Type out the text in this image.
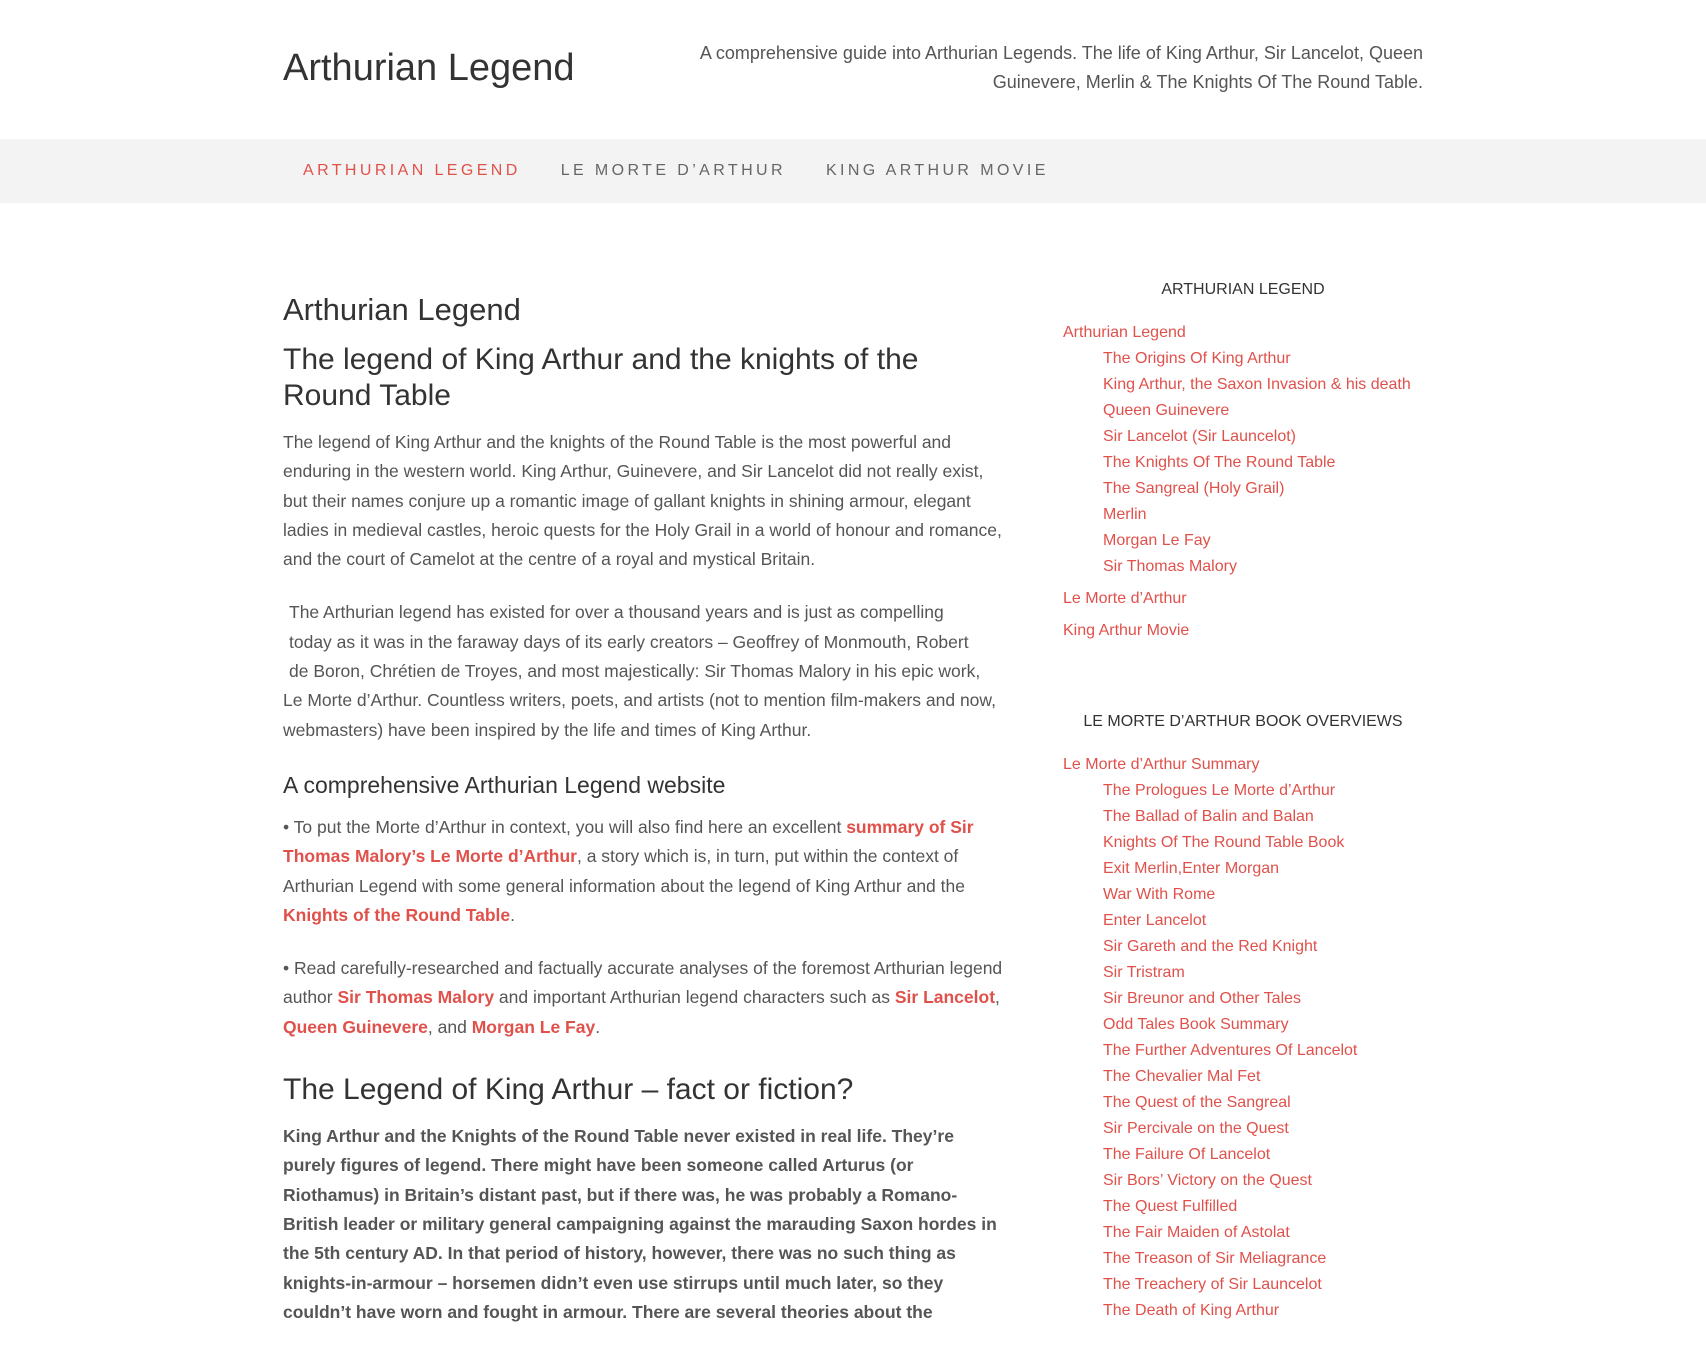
Arthurian Legend	A comprehensive guide into Arthurian Legends. The life of King Arthur, Sir Lancelot, Queen Guinevere, Merlin & The Knights Of The Round Table.

ARTHURIAN LEGEND	LE MORTE D’ARTHUR	KING ARTHUR MOVIE
Arthurian Legend
The legend of King Arthur and the knights of the Round Table

The legend of King Arthur and the knights of the Round Table is the most powerful and enduring in the western world. King Arthur, Guinevere, and Sir Lancelot did not really exist, but their names conjure up a romantic image of gallant knights in shining armour, elegant ladies in medieval castles, heroic quests for the Holy Grail in a world of honour and romance, and the court of Camelot at the centre of a royal and mystical Britain.

The Arthurian legend has existed for over a thousand years and is just as compelling
today as it was in the faraway days of its early creators – Geoffrey of Monmouth, Robert
de Boron, Chrétien de Troyes, and most majestically: Sir Thomas Malory in his epic work,
Le Morte d’Arthur. Countless writers, poets, and artists (not to mention film-makers and now, webmasters) have been inspired by the life and times of King Arthur.

A comprehensive Arthurian Legend website

• To put the Morte d’Arthur in context, you will also find here an excellent summary of Sir Thomas Malory’s Le Morte d’Arthur, a story which is, in turn, put within the context of Arthurian Legend with some general information about the legend of King Arthur and the Knights of the Round Table.

• Read carefully-researched and factually accurate analyses of the foremost Arthurian legend author Sir Thomas Malory and important Arthurian legend characters such as Sir Lancelot, Queen Guinevere, and Morgan Le Fay.

The Legend of King Arthur – fact or fiction?

King Arthur and the Knights of the Round Table never existed in real life. They’re purely figures of legend. There might have been someone called Arturus (or Riothamus) in Britain’s distant past, but if there was, he was probably a Romano-British leader or military general campaigning against the marauding Saxon hordes in the 5th century AD. In that period of history, however, there was no such thing as knights-in-armour – horsemen didn’t even use stirrups until much later, so they couldn’t have worn and fought in armour. There are several theories about the

ARTHURIAN LEGEND
Arthurian Legend
The Origins Of King Arthur
King Arthur, the Saxon Invasion & his death
Queen Guinevere
Sir Lancelot (Sir Launcelot)
The Knights Of The Round Table
The Sangreal (Holy Grail)
Merlin
Morgan Le Fay
Sir Thomas Malory
Le Morte d’Arthur
King Arthur Movie
LE MORTE D’ARTHUR BOOK OVERVIEWS
Le Morte d’Arthur Summary
The Prologues Le Morte d’Arthur
The Ballad of Balin and Balan
Knights Of The Round Table Book
Exit Merlin,Enter Morgan
War With Rome
Enter Lancelot
Sir Gareth and the Red Knight
Sir Tristram
Sir Breunor and Other Tales
Odd Tales Book Summary
The Further Adventures Of Lancelot
The Chevalier Mal Fet
The Quest of the Sangreal
Sir Percivale on the Quest
The Failure Of Lancelot
Sir Bors’ Victory on the Quest
The Quest Fulfilled
The Fair Maiden of Astolat
The Treason of Sir Meliagrance
The Treachery of Sir Launcelot
The Death of King Arthur
